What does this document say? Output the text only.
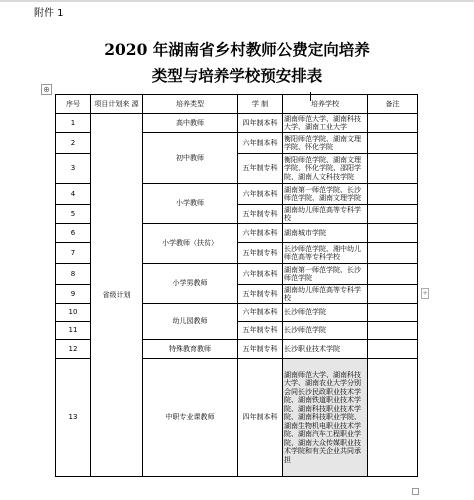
附件 1
2020 年湖南省乡村教师公费定向培养
类型与培养学校预安排表
⊕
+
序号	项目计划来 源	培养类型	学 制	培养学校	备注
1	省级计划	高中教师	四年制本科	湖南师范大学、湖南科技大学、湖南工业大学	
2		初中教师	六年制本科	衡阳师范学院、湖南文理学院、怀化学院	
3			五年制专科	衡阳师范学院、湖南文理学院、怀化学院、邵阳学院、湖南人文科技学院	
4		小学教师	六年制本科	湖南第一师范学院、长沙师范学院、湖南文理学院	
5			五年制专科	湖南幼儿师范高等专科学校	
6		小学教师（扶贫）	六年制本科	湖南城市学院	
7			五年制专科	长沙师范学院、湘中幼儿师范高等专科学校	
8		小学男教师	六年制本科	湖南第一师范学院、长沙师范学院	
9			五年制专科	湖南幼儿师范高等专科学校	
10		幼儿园教师	六年制本科	长沙师范学院	
11			五年制专科	长沙师范学院	
12		特殊教育教师	五年制专科	长沙职业技术学院	
13		中职专业课教师	四年制本科	湖南师范大学、湖南科技大学、湖南农业大学分别会同长沙民政职业技术学院、湖南铁道职业技术学院、湖南科技职业技术学院、湖南科技职业学院、湖南生物机电职业技术学院、湖南汽车工程职业学院、湖南大众传媒职业技术学院和有关企业共同承担	
